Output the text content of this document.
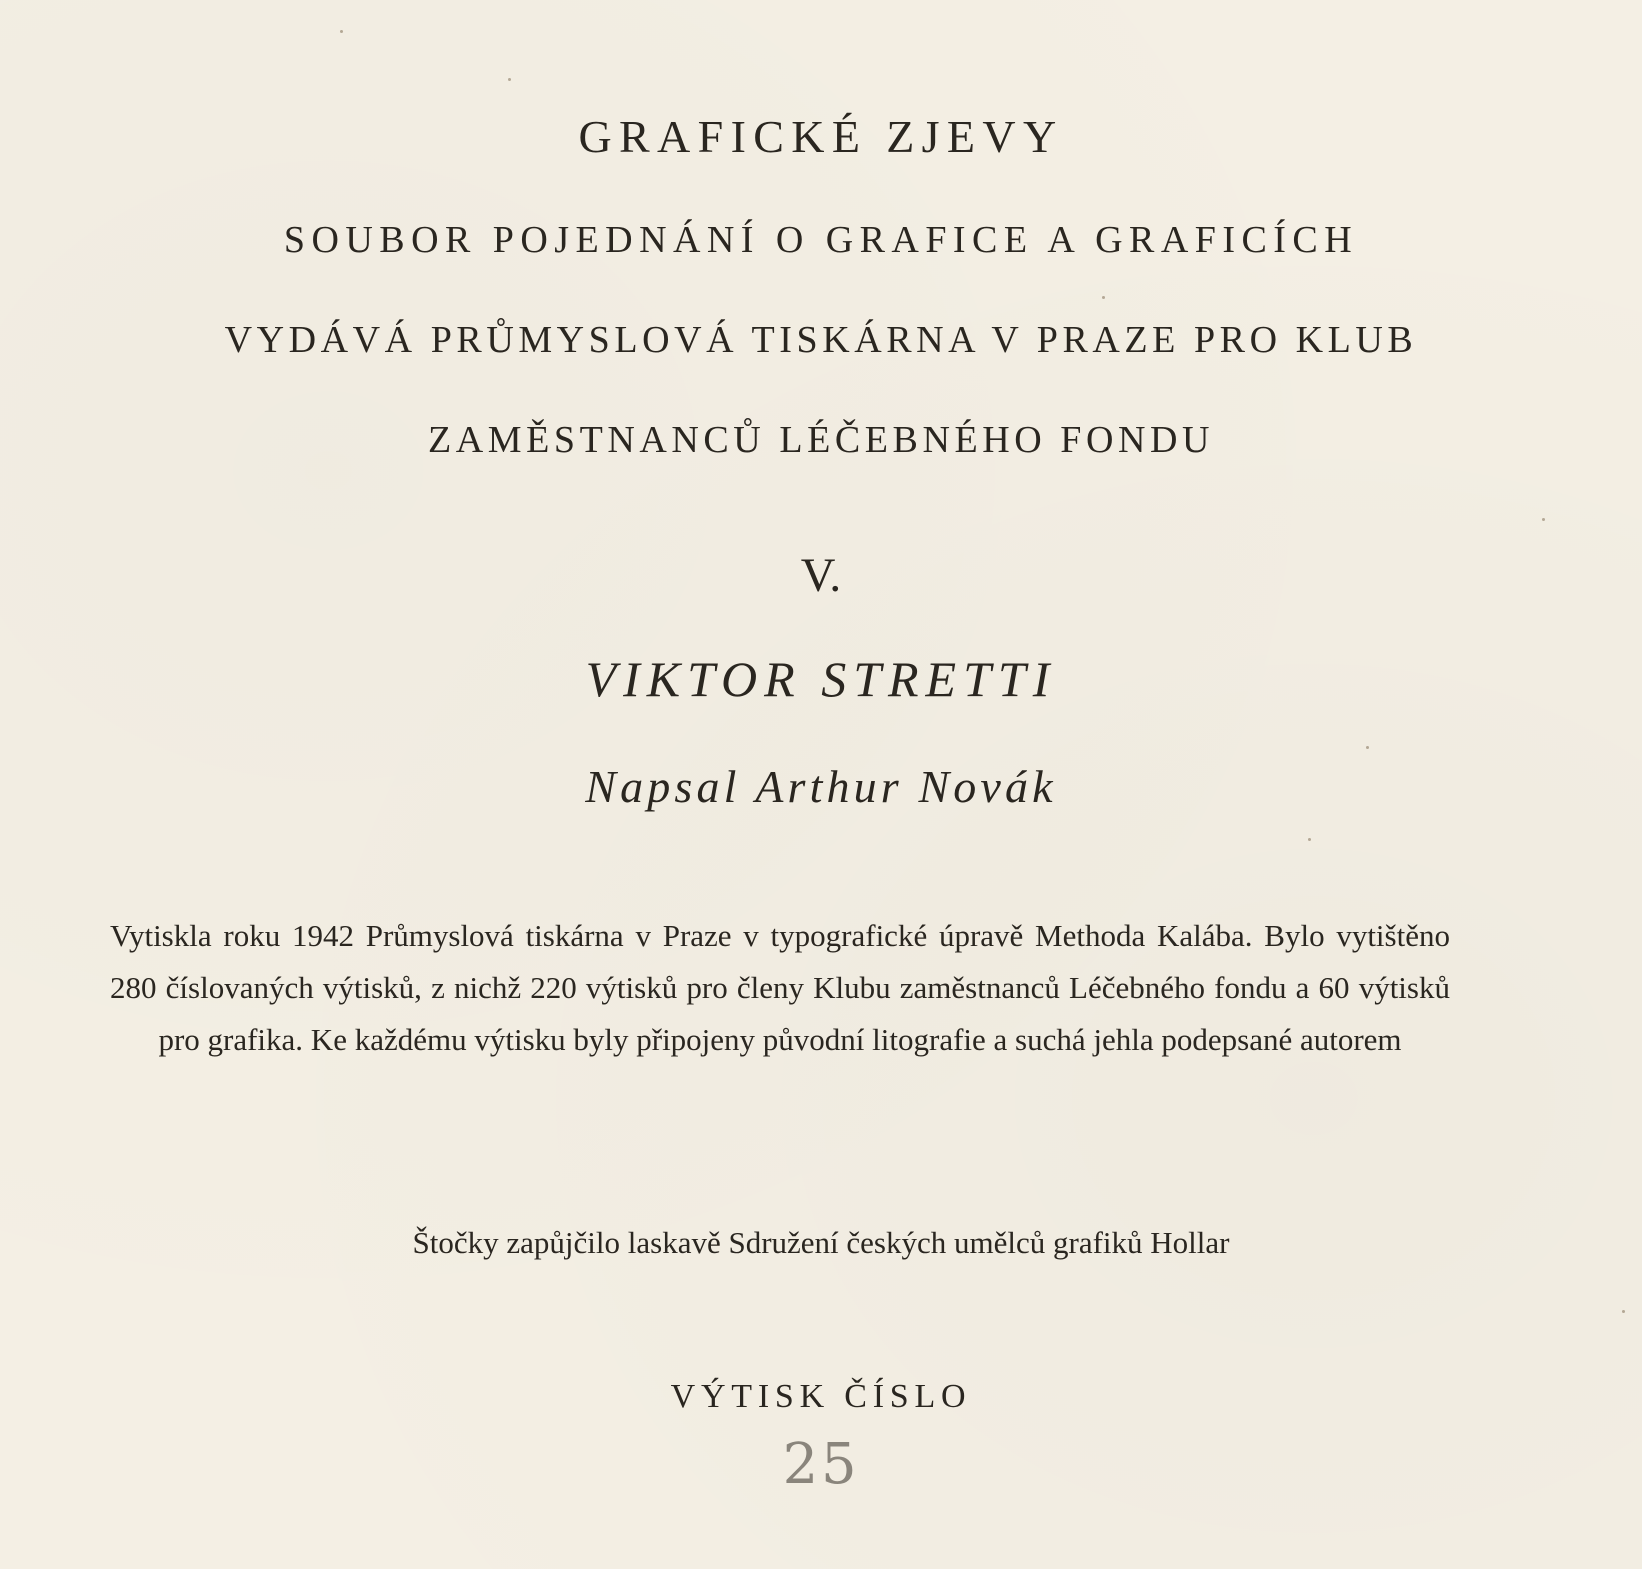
GRAFICKÉ ZJEVY
SOUBOR POJEDNÁNÍ O GRAFICE A GRAFICÍCH
VYDÁVÁ PRŮMYSLOVÁ TISKÁRNA V PRAZE PRO KLUB
ZAMĚSTNANCŮ LÉČEBNÉHO FONDU
V.
VIKTOR STRETTI
Napsal Arthur Novák
Vytiskla roku 1942 Průmyslová tiskárna v Praze v typografické úpravě Methoda Kalába. Bylo vytištěno 280 číslovaných výtisků, z nichž 220 výtisků pro členy Klubu zaměstnanců Léčebného fondu a 60 výtisků pro grafika. Ke každému výtisku byly připojeny původní litografie a suchá jehla podepsané autorem
Štočky zapůjčilo laskavě Sdružení českých umělců grafiků Hollar
VÝTISK ČÍSLO
25
